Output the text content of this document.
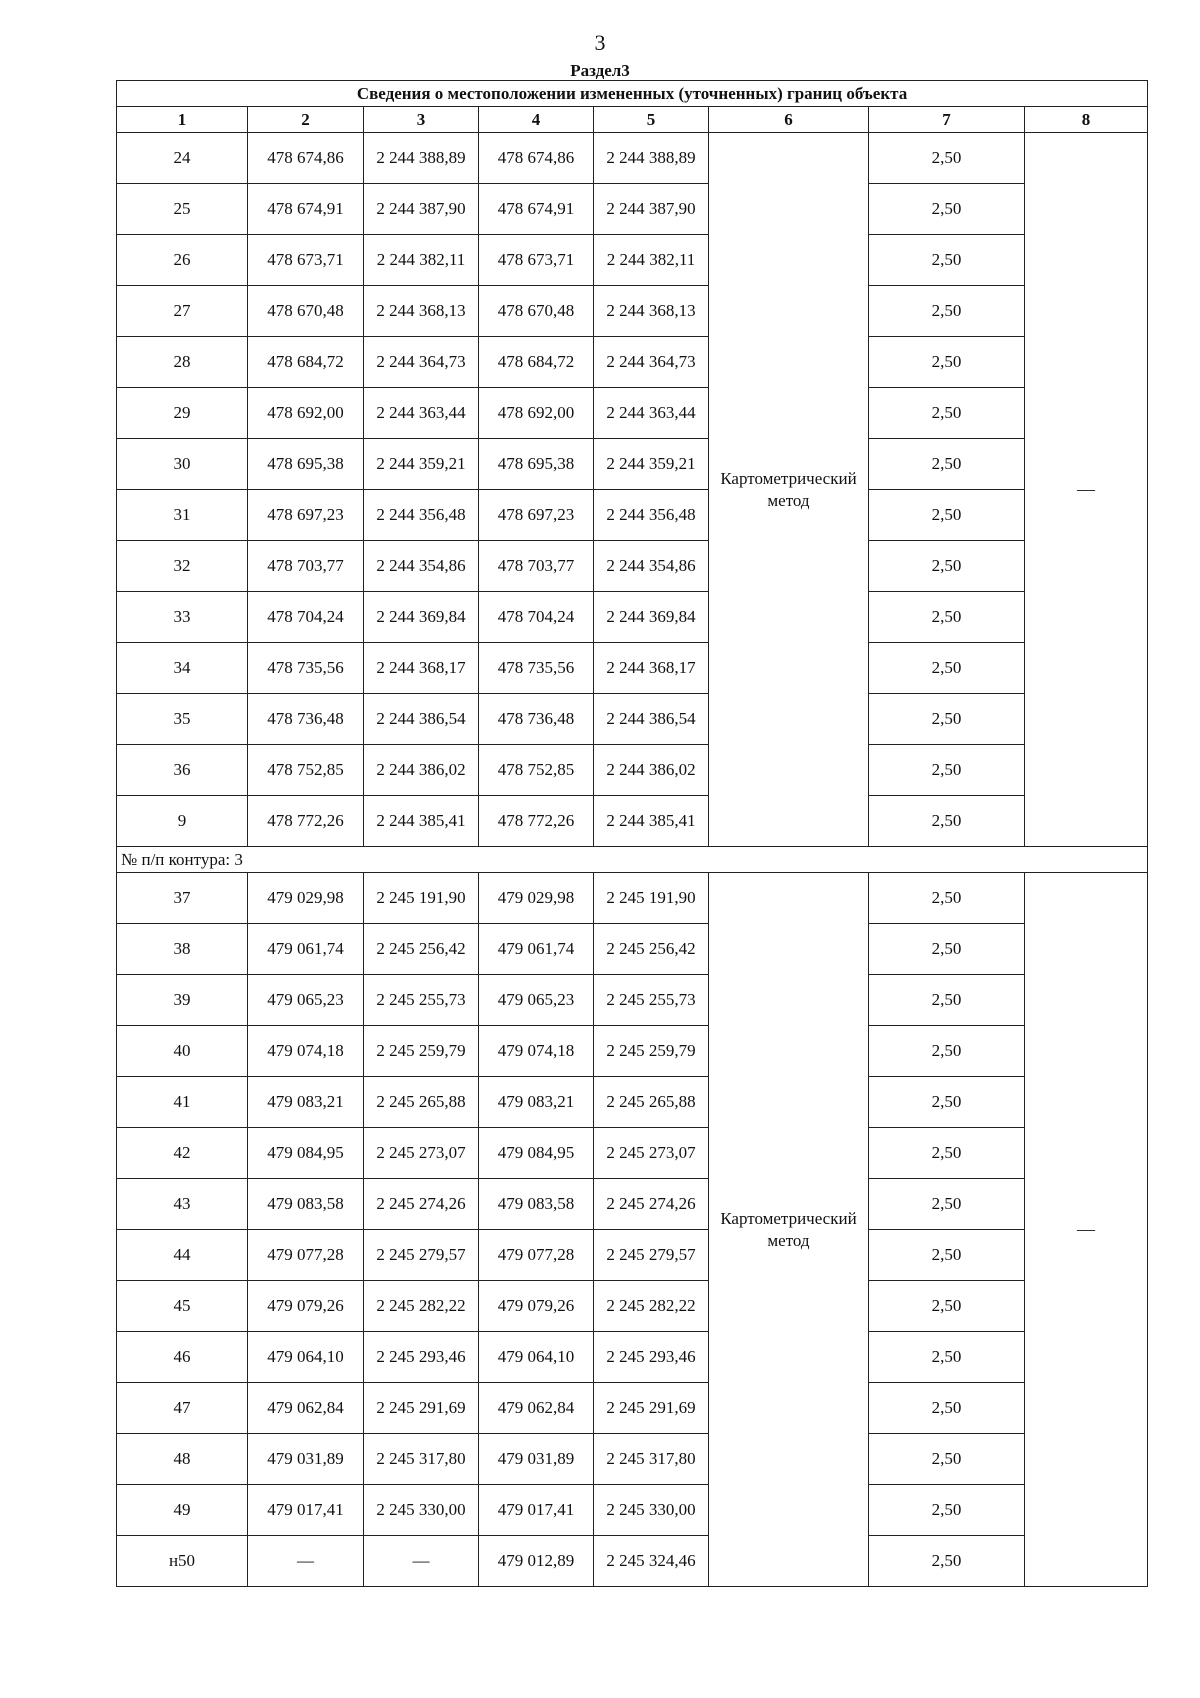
3
Раздел3
Сведения о местоположении измененных (уточненных) границ объекта							
1	2	3	4	5	6	7	8
24	478 674,86	2 244 388,89	478 674,86	2 244 388,89	Картометрический метод	2,50	—
25	478 674,91	2 244 387,90	478 674,91	2 244 387,90		2,50	
26	478 673,71	2 244 382,11	478 673,71	2 244 382,11		2,50	
27	478 670,48	2 244 368,13	478 670,48	2 244 368,13		2,50	
28	478 684,72	2 244 364,73	478 684,72	2 244 364,73		2,50	
29	478 692,00	2 244 363,44	478 692,00	2 244 363,44		2,50	
30	478 695,38	2 244 359,21	478 695,38	2 244 359,21		2,50	
31	478 697,23	2 244 356,48	478 697,23	2 244 356,48		2,50	
32	478 703,77	2 244 354,86	478 703,77	2 244 354,86		2,50	
33	478 704,24	2 244 369,84	478 704,24	2 244 369,84		2,50	
34	478 735,56	2 244 368,17	478 735,56	2 244 368,17		2,50	
35	478 736,48	2 244 386,54	478 736,48	2 244 386,54		2,50	
36	478 752,85	2 244 386,02	478 752,85	2 244 386,02		2,50	
9	478 772,26	2 244 385,41	478 772,26	2 244 385,41		2,50	
№ п/п контура: 3							
37	479 029,98	2 245 191,90	479 029,98	2 245 191,90	Картометрический метод	2,50	—
38	479 061,74	2 245 256,42	479 061,74	2 245 256,42		2,50	
39	479 065,23	2 245 255,73	479 065,23	2 245 255,73		2,50	
40	479 074,18	2 245 259,79	479 074,18	2 245 259,79		2,50	
41	479 083,21	2 245 265,88	479 083,21	2 245 265,88		2,50	
42	479 084,95	2 245 273,07	479 084,95	2 245 273,07		2,50	
43	479 083,58	2 245 274,26	479 083,58	2 245 274,26		2,50	
44	479 077,28	2 245 279,57	479 077,28	2 245 279,57		2,50	
45	479 079,26	2 245 282,22	479 079,26	2 245 282,22		2,50	
46	479 064,10	2 245 293,46	479 064,10	2 245 293,46		2,50	
47	479 062,84	2 245 291,69	479 062,84	2 245 291,69		2,50	
48	479 031,89	2 245 317,80	479 031,89	2 245 317,80		2,50	
49	479 017,41	2 245 330,00	479 017,41	2 245 330,00		2,50	
н50	—	—	479 012,89	2 245 324,46		2,50	
